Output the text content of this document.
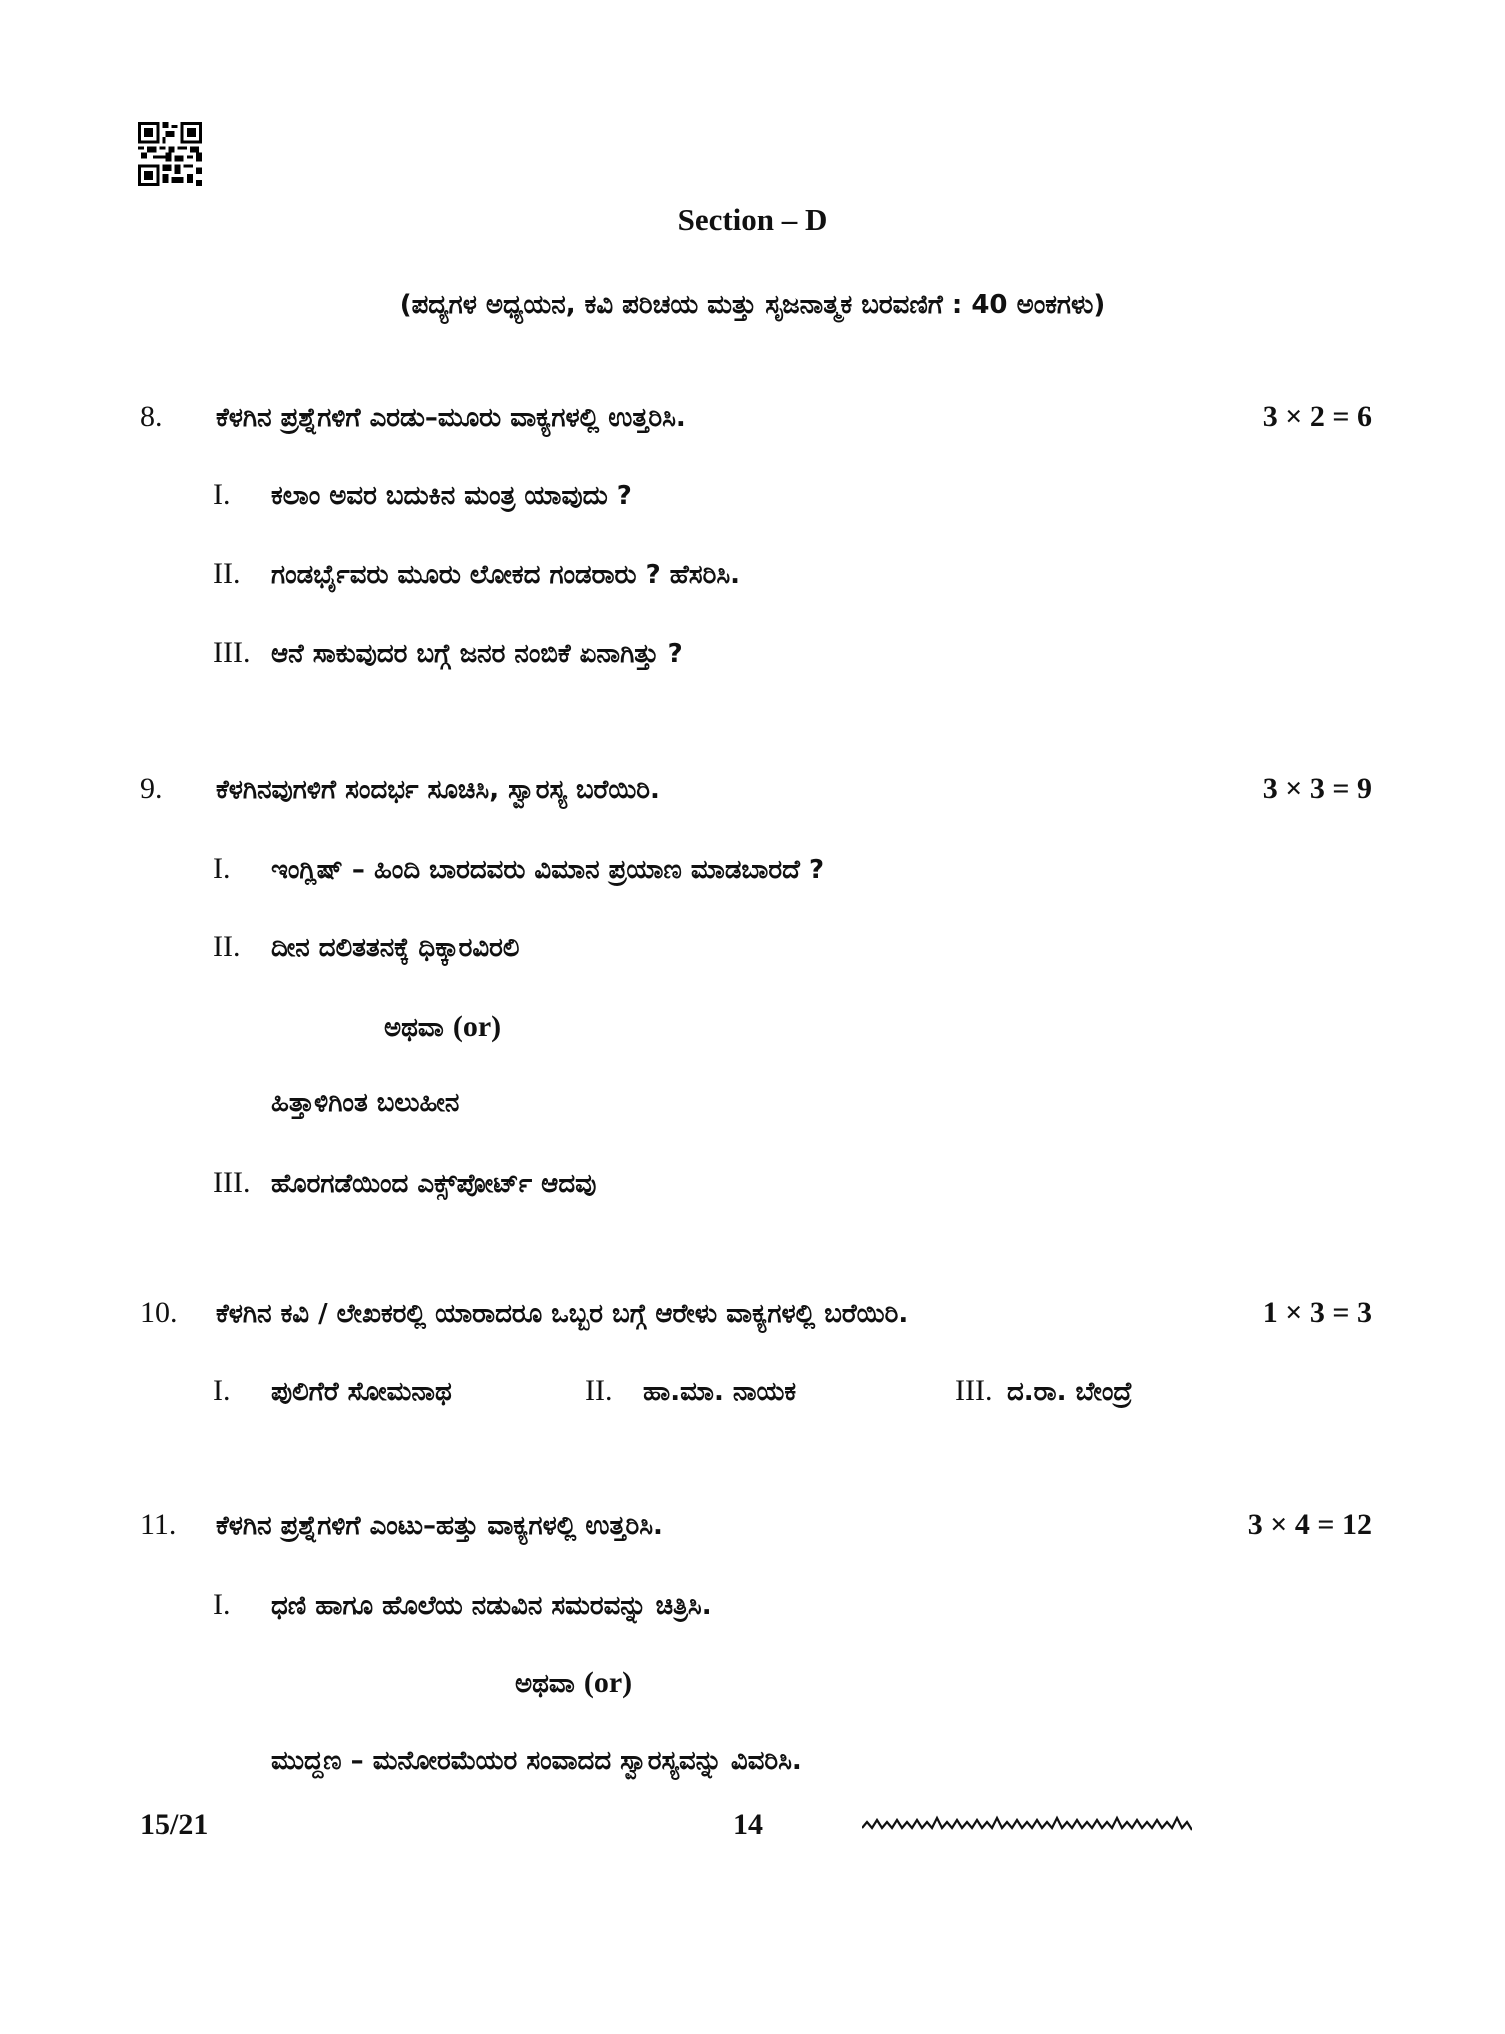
Section – D
(ಪದ್ಯಗಳ ಅಧ್ಯಯನ, ಕವಿ ಪರಿಚಯ ಮತ್ತು ಸೃಜನಾತ್ಮಕ ಬರವಣಿಗೆ : 40 ಅಂಕಗಳು)
8. ಕೆಳಗಿನ ಪ್ರಶ್ನೆಗಳಿಗೆ ಎರಡು–ಮೂರು ವಾಕ್ಯಗಳಲ್ಲಿ ಉತ್ತರಿಸಿ.	3 × 2 = 6
I.	ಕಲಾಂ ಅವರ ಬದುಕಿನ ಮಂತ್ರ ಯಾವುದು ?
II.	ಗಂಡರ್ಭೈವರು ಮೂರು ಲೋಕದ ಗಂಡರಾರು ? ಹೆಸರಿಸಿ.
III. ಆನೆ ಸಾಕುವುದರ ಬಗ್ಗೆ ಜನರ ನಂಬಿಕೆ ಏನಾಗಿತ್ತು ?
9. ಕೆಳಗಿನವುಗಳಿಗೆ ಸಂದರ್ಭ ಸೂಚಿಸಿ, ಸ್ವಾರಸ್ಯ ಬರೆಯಿರಿ.	3 × 3 = 9
I.	ಇಂಗ್ಲಿಷ್ – ಹಿಂದಿ ಬಾರದವರು ವಿಮಾನ ಪ್ರಯಾಣ ಮಾಡಬಾರದೆ ?
II.	ದೀನ ದಲಿತತನಕ್ಕೆ ಧಿಕ್ಕಾರವಿರಲಿ
ಅಥವಾ (or)
ಹಿತ್ತಾಳಿಗಿಂತ ಬಲುಹೀನ
III. ಹೊರಗಡೆಯಿಂದ ಎಕ್ಸ್‌ಪೋರ್ಟ್ ಆದವು
10. ಕೆಳಗಿನ ಕವಿ / ಲೇಖಕರಲ್ಲಿ ಯಾರಾದರೂ ಒಬ್ಬರ ಬಗ್ಗೆ ಆರೇಳು ವಾಕ್ಯಗಳಲ್ಲಿ ಬರೆಯಿರಿ.	1 × 3 = 3
I.	ಪುಲಿಗೆರೆ ಸೋಮನಾಥ	II.	ಹಾ.ಮಾ. ನಾಯಕ	III. ದ.ರಾ. ಬೇಂದ್ರೆ
11. ಕೆಳಗಿನ ಪ್ರಶ್ನೆಗಳಿಗೆ ಎಂಟು–ಹತ್ತು ವಾಕ್ಯಗಳಲ್ಲಿ ಉತ್ತರಿಸಿ.	3 × 4 = 12
I.	ಧಣಿ ಹಾಗೂ ಹೊಲೆಯ ನಡುವಿನ ಸಮರವನ್ನು ಚಿತ್ರಿಸಿ.
ಅಥವಾ (or)
ಮುದ್ದಣ – ಮನೋರಮೆಯರ ಸಂವಾದದ ಸ್ವಾರಸ್ಯವನ್ನು ವಿವರಿಸಿ.
15/21	14
